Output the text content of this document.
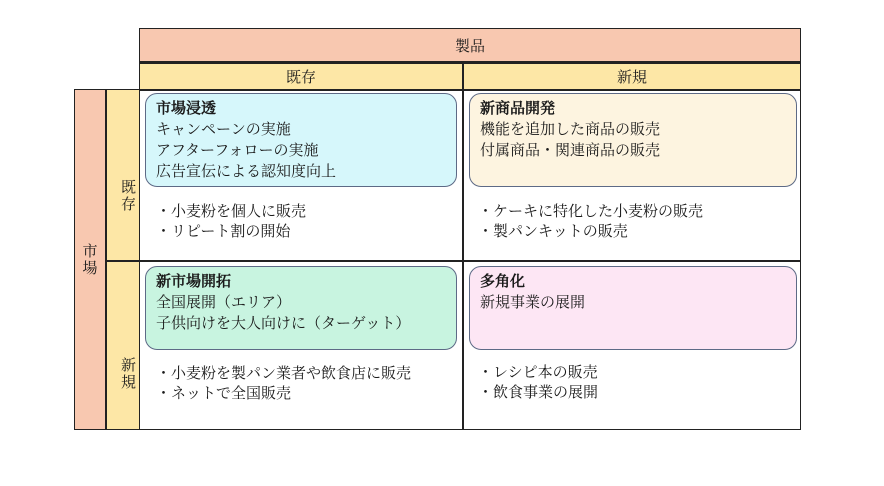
製品
既存	新規
市場
既存
新規
市場浸透
キャンペーンの実施
アフターフォローの実施
広告宣伝による認知度向上
・小麦粉を個人に販売
・リピート割の開始
新商品開発
機能を追加した商品の販売
付属商品・関連商品の販売
・ケーキに特化した小麦粉の販売
・製パンキットの販売
新市場開拓
全国展開（エリア）
子供向けを大人向けに（ターゲット）
・小麦粉を製パン業者や飲食店に販売
・ネットで全国販売
多角化
新規事業の展開
・レシピ本の販売
・飲食事業の展開
